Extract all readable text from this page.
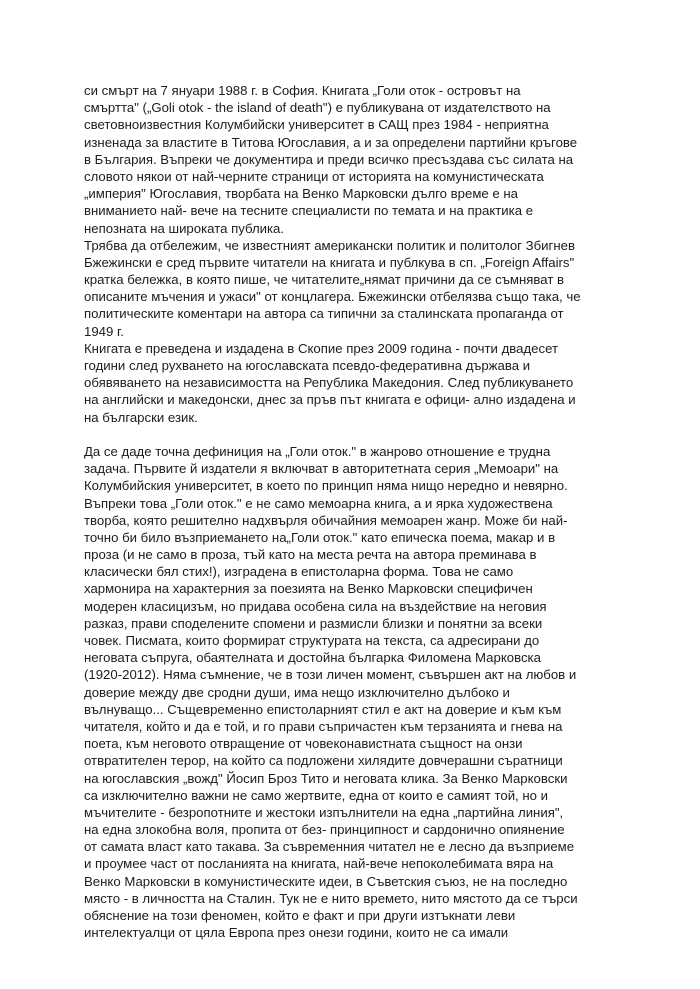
си смърт на 7 януари 1988 г. в София. Книгата „Голи оток - островът на
смъртта" („Goli otok - the island of death") е публикувана от издателството на
световноизвестния Колумбийски университет в САЩ през 1984 - неприятна
изненада за властите в Титова Югославия, а и за определени партийни кръгове
в България. Въпреки че документира и преди всичко пресъздава със силата на
словото някои от най-черните страници от историята на комунистическата
„империя" Югославия, творбата на Венко Марковски дълго време е на
вниманието най- вече на тесните специалисти по темата и на практика е
непозната на широката публика.
Трябва да отбележим, че известният американски политик и политолог Збигнев
Бжежински е сред първите читатели на книгата и публкува в сп. „Foreign Affairs"
кратка бележка, в която пише, че читателите„нямат причини да се съмняват в
описаните мъчения и ужаси" от концлагера. Бжежински отбелязва също така, че
политическите коментари на автора са типични за сталинската пропаганда от
1949 г.
Книгата е преведена и издадена в Скопие през 2009 година - почти двадесет
години след рухването на югославската псевдо-федеративна държава и
обявяването на независимостта на Република Македония. След публикуването
на английски и македонски, днес за пръв път книгата е офици- ално издадена и
на български език.
Да се даде точна дефиниция на „Голи оток." в жанрово отношение е трудна
задача. Първите й издатели я включват в авторитетната серия „Мемоари" на
Колумбийския университет, в което по принцип няма нищо нередно и невярно.
Въпреки това „Голи оток." е не само мемоарна книга, а и ярка художествена
творба, която решително надхвърля обичайния мемоарен жанр. Може би най-
точно би било възприемането на„Голи оток." като епическа поема, макар и в
проза (и не само в проза, тъй като на места речта на автора преминава в
класически бял стих!), изградена в епистоларна форма. Това не само
хармонира на характерния за поезията на Венко Марковски специфичен
модерен класицизъм, но придава особена сила на въздействие на неговия
разказ, прави споделените спомени и размисли близки и понятни за всеки
човек. Писмата, които формират структурата на текста, са адресирани до
неговата съпруга, обаятелната и достойна българка Филомена Марковска
(1920-2012). Няма съмнение, че в този личен момент, съвършен акт на любов и
доверие между две сродни души, има нещо изключително дълбоко и
вълнуващо... Същевременно епистоларният стил е акт на доверие и към към
читателя, който и да е той, и го прави съпричастен към терзанията и гнева на
поета, към неговото отвращение от човеконавистната същност на онзи
отвратителен терор, на който са подложени хилядите довчерашни съратници
на югославския „вожд" Йосип Броз Тито и неговата клика. За Венко Марковски
са изключително важни не само жертвите, една от които е самият той, но и
мъчителите - безропотните и жестоки изпълнители на една „партийна линия",
на една злокобна воля, пропита от без- принципност и сардонично опиянение
от самата власт като такава. За съвременния читател не е лесно да възприеме
и проумее част от посланията на книгата, най-вече непоколебимата вяра на
Венко Марковски в комунистическите идеи, в Съветския съюз, не на последно
място - в личността на Сталин. Тук не е нито времето, нито мястото да се търси
обяснение на този феномен, който е факт и при други изтъкнати леви
интелектуалци от цяла Европа през онези години, които не са имали
